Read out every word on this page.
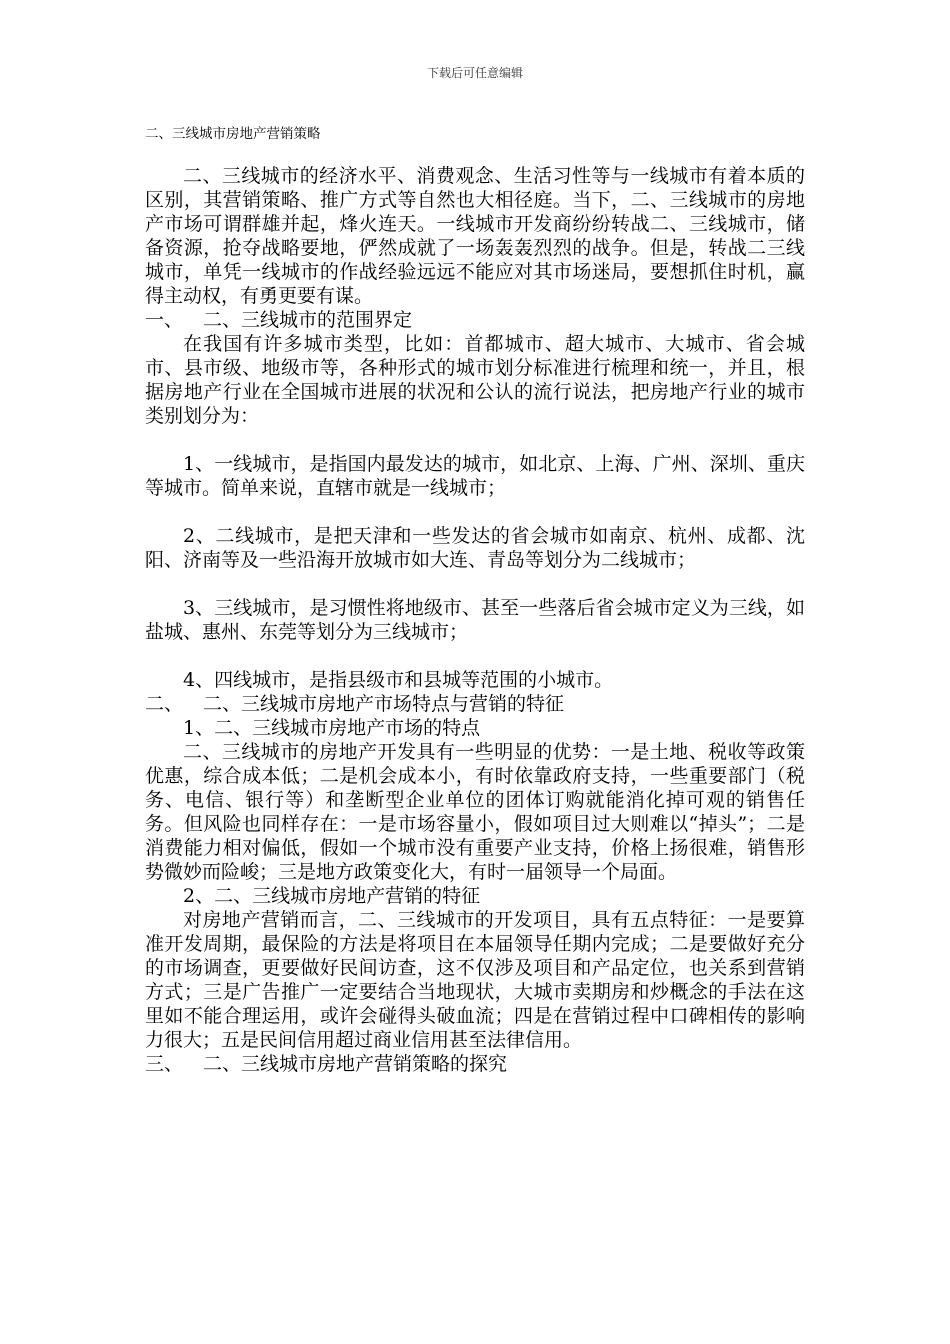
下载后可任意编辑
二、三线城市房地产营销策略

二、三线城市的经济水平、消费观念、生活习性等与一线城市有着本质的区别，其营销策略、推广方式等自然也大相径庭。当下，二、三线城市的房地产市场可谓群雄并起，烽火连天。一线城市开发商纷纷转战二、三线城市，储备资源，抢夺战略要地，俨然成就了一场轰轰烈烈的战争。但是，转战二三线城市，单凭一线城市的作战经验远远不能应对其市场迷局，要想抓住时机，赢得主动权，有勇更要有谋。

一、 二、三线城市的范围界定

在我国有许多城市类型，比如：首都城市、超大城市、大城市、省会城市、县市级、地级市等，各种形式的城市划分标准进行梳理和统一，并且，根据房地产行业在全国城市进展的状况和公认的流行说法，把房地产行业的城市类别划分为：

1、一线城市，是指国内最发达的城市，如北京、上海、广州、深圳、重庆等城市。简单来说，直辖市就是一线城市；

2、二线城市，是把天津和一些发达的省会城市如南京、杭州、成都、沈阳、济南等及一些沿海开放城市如大连、青岛等划分为二线城市；

3、三线城市，是习惯性将地级市、甚至一些落后省会城市定义为三线，如盐城、惠州、东莞等划分为三线城市；

4、四线城市，是指县级市和县城等范围的小城市。

二、 二、三线城市房地产市场特点与营销的特征

1、二、三线城市房地产市场的特点

二、三线城市的房地产开发具有一些明显的优势：一是土地、税收等政策优惠，综合成本低；二是机会成本小，有时依靠政府支持，一些重要部门（税务、电信、银行等）和垄断型企业单位的团体订购就能消化掉可观的销售任务。但风险也同样存在：一是市场容量小，假如项目过大则难以“掉头”；二是消费能力相对偏低，假如一个城市没有重要产业支持，价格上扬很难，销售形势微妙而险峻；三是地方政策变化大，有时一届领导一个局面。

2、二、三线城市房地产营销的特征

对房地产营销而言，二、三线城市的开发项目，具有五点特征：一是要算准开发周期，最保险的方法是将项目在本届领导任期内完成；二是要做好充分的市场调查，更要做好民间访查，这不仅涉及项目和产品定位，也关系到营销方式；三是广告推广一定要结合当地现状，大城市卖期房和炒概念的手法在这里如不能合理运用，或许会碰得头破血流；四是在营销过程中口碑相传的影响力很大；五是民间信用超过商业信用甚至法律信用。

三、 二、三线城市房地产营销策略的探究
